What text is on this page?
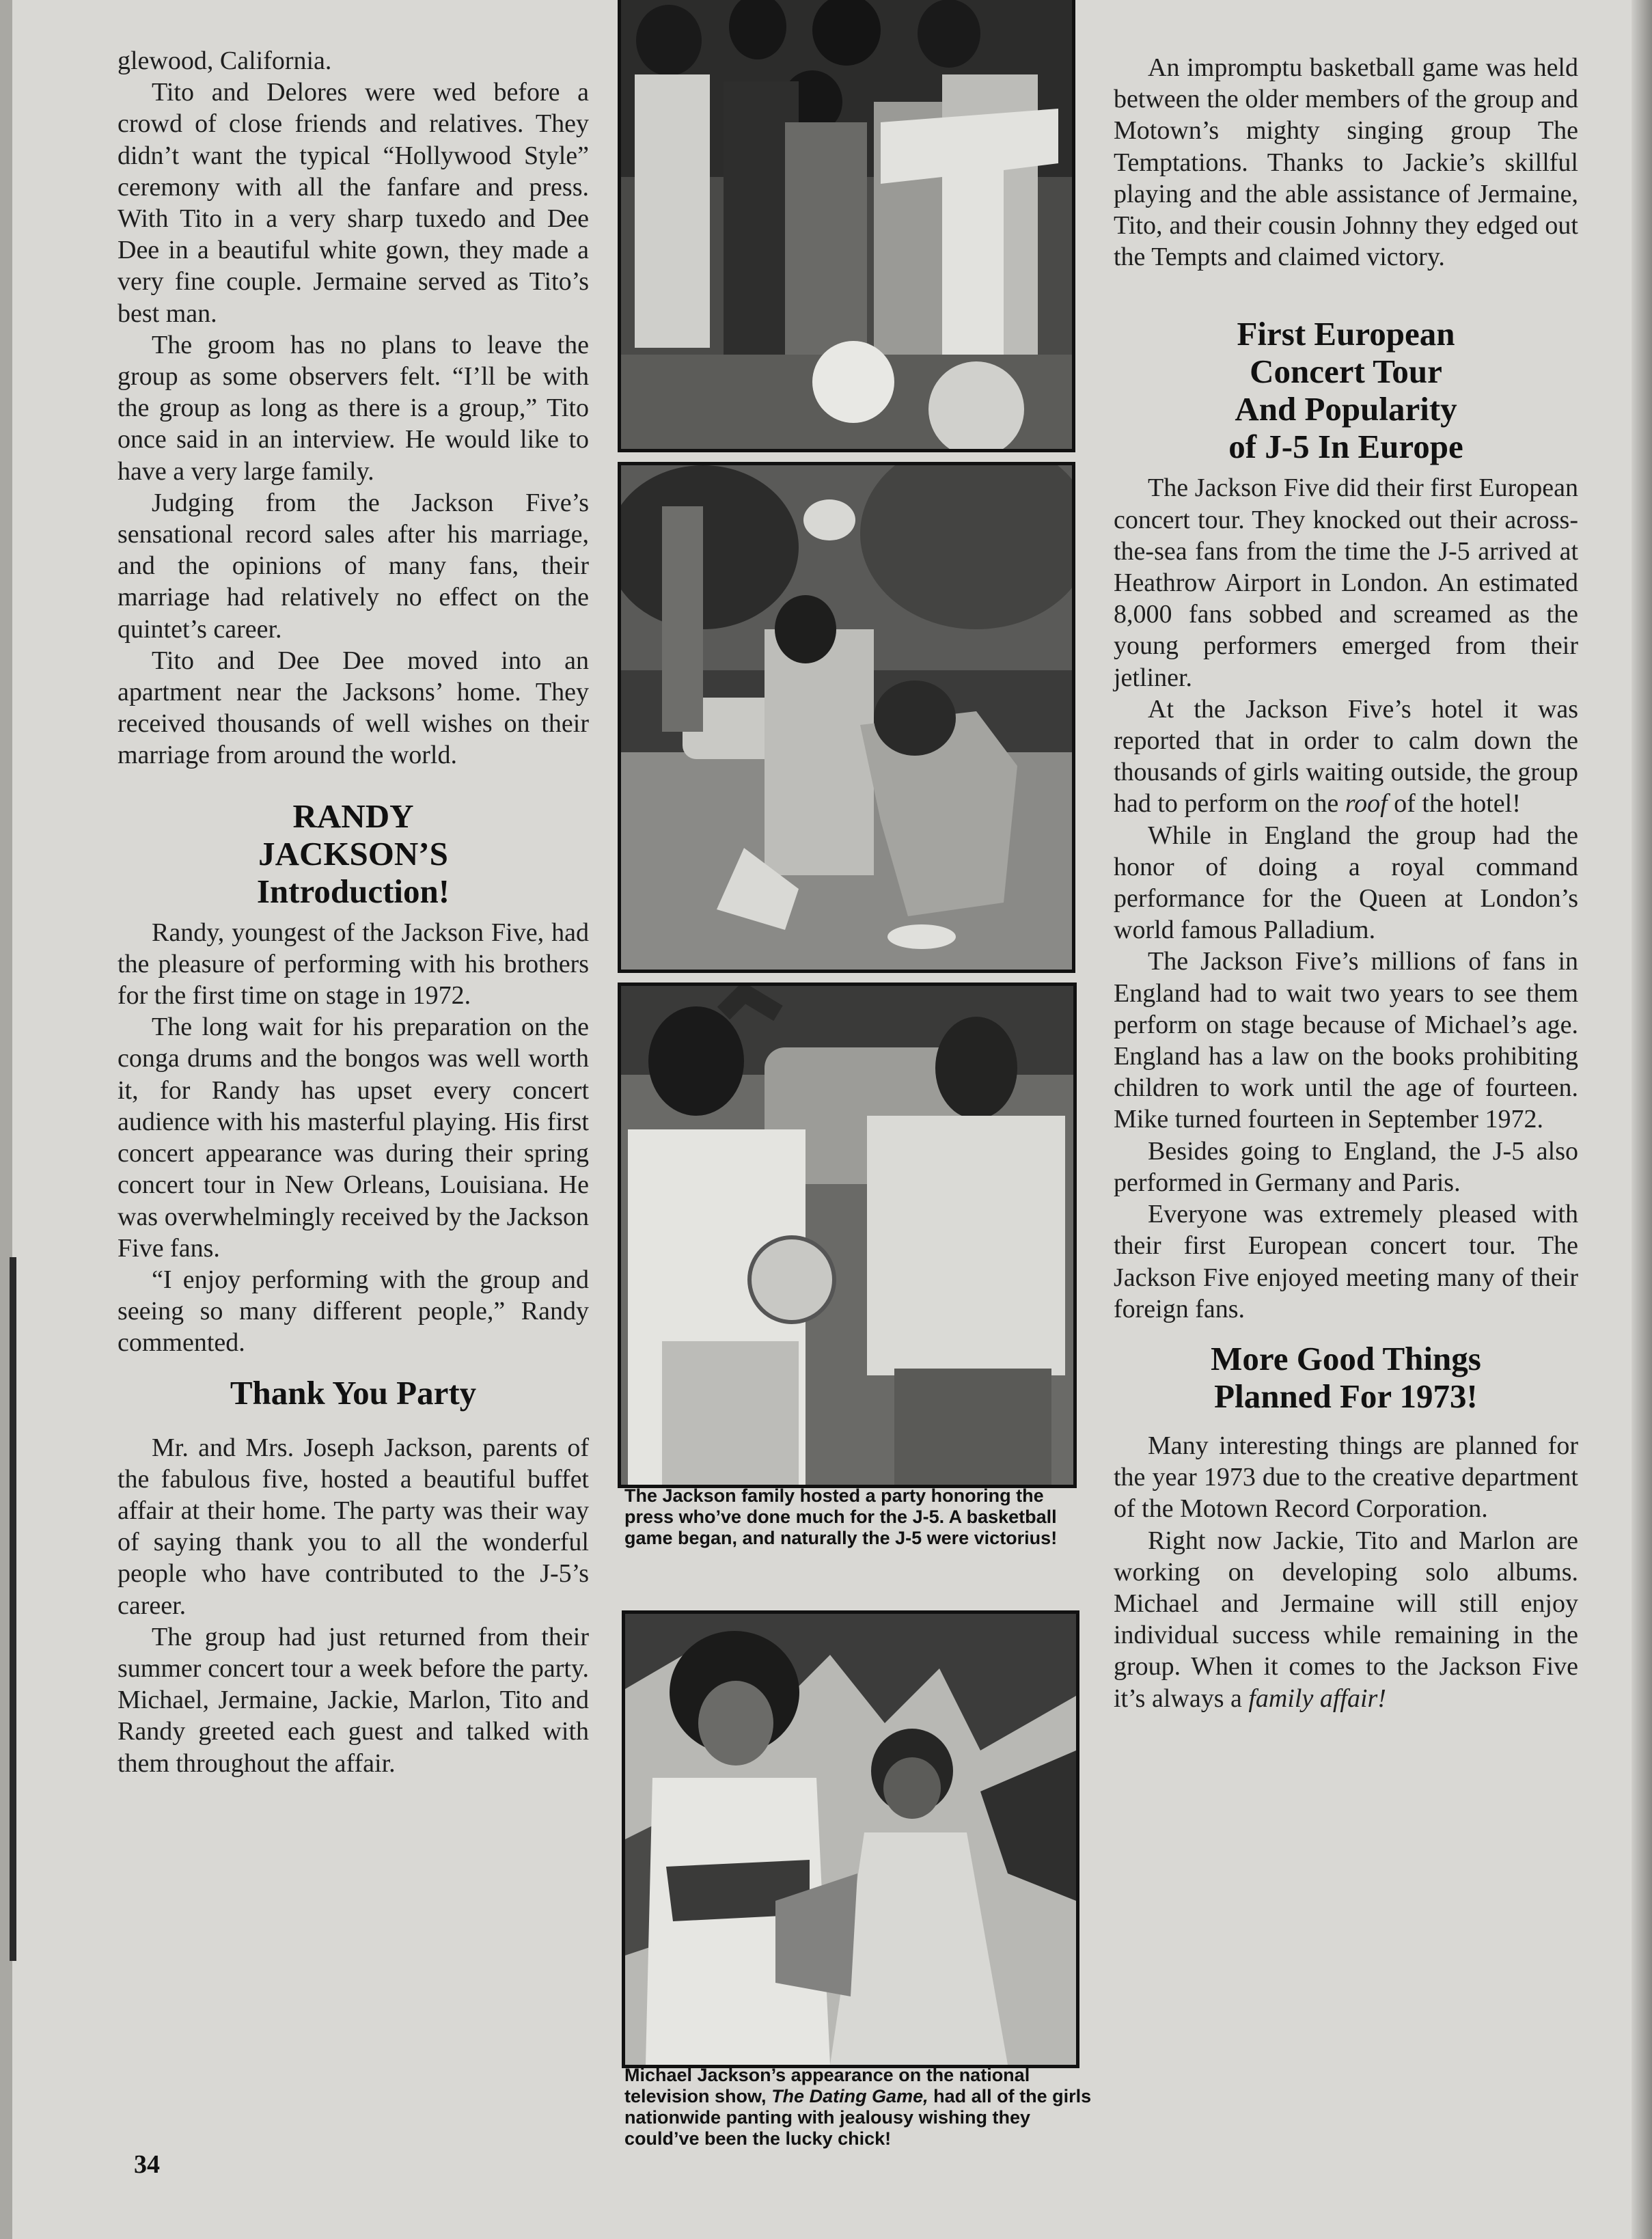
glewood, California.

Tito and Delores were wed before a crowd of close friends and relatives. They didn’t want the typical “Hollywood Style” ceremony with all the fanfare and press. With Tito in a very sharp tuxedo and Dee Dee in a beautiful white gown, they made a very fine couple. Jermaine served as Tito’s best man.

The groom has no plans to leave the group as some observers felt. “I’ll be with the group as long as there is a group,” Tito once said in an interview. He would like to have a very large family.

Judging from the Jackson Five’s sensational record sales after his marriage, and the opinions of many fans, their marriage had relatively no effect on the quintet’s career.

Tito and Dee Dee moved into an apartment near the Jacksons’ home. They received thousands of well wishes on their marriage from around the world.

RANDY
JACKSON’S
Introduction!

Randy, youngest of the Jackson Five, had the pleasure of performing with his brothers for the first time on stage in 1972.

The long wait for his preparation on the conga drums and the bongos was well worth it, for Randy has upset every concert audience with his masterful playing. His first concert appearance was during their spring concert tour in New Orleans, Louisiana. He was overwhelmingly received by the Jackson Five fans.

“I enjoy performing with the group and seeing so many different people,” Randy commented.

Thank You Party

Mr. and Mrs. Joseph Jackson, parents of the fabulous five, hosted a beautiful buffet affair at their home. The party was their way of saying thank you to all the wonderful people who have contributed to the J-5’s career.

The group had just returned from their summer concert tour a week before the party. Michael, Jermaine, Jackie, Marlon, Tito and Randy greeted each guest and talked with them throughout the affair.

The Jackson family hosted a party honoring the press who’ve done much for the J-5. A basketball game began, and naturally the J-5 were victorius!
Michael Jackson’s appearance on the national television show, The Dating Game, had all of the girls nationwide panting with jealousy wishing they could’ve been the lucky chick!

An impromptu basketball game was held between the older members of the group and Motown’s mighty singing group The Temptations. Thanks to Jackie’s skillful playing and the able assistance of Jermaine, Tito, and their cousin Johnny they edged out the Tempts and claimed victory.

First European
Concert Tour
And Popularity
of J-5 In Europe

The Jackson Five did their first European concert tour. They knocked out their across-the-sea fans from the time the J-5 arrived at Heathrow Airport in London. An estimated 8,000 fans sobbed and screamed as the young performers emerged from their jetliner.

At the Jackson Five’s hotel it was reported that in order to calm down the thousands of girls waiting outside, the group had to perform on the roof of the hotel!

While in England the group had the honor of doing a royal command performance for the Queen at London’s world famous Palladium.

The Jackson Five’s millions of fans in England had to wait two years to see them perform on stage because of Michael’s age. England has a law on the books prohibiting children to work until the age of fourteen. Mike turned fourteen in September 1972.

Besides going to England, the J-5 also performed in Germany and Paris.

Everyone was extremely pleased with their first European concert tour. The Jackson Five enjoyed meeting many of their foreign fans.

More Good Things
Planned For 1973!

Many interesting things are planned for the year 1973 due to the creative department of the Motown Record Corporation.

Right now Jackie, Tito and Marlon are working on developing solo albums. Michael and Jermaine will still enjoy individual success while remaining in the group. When it comes to the Jackson Five it’s always a family affair!

34
